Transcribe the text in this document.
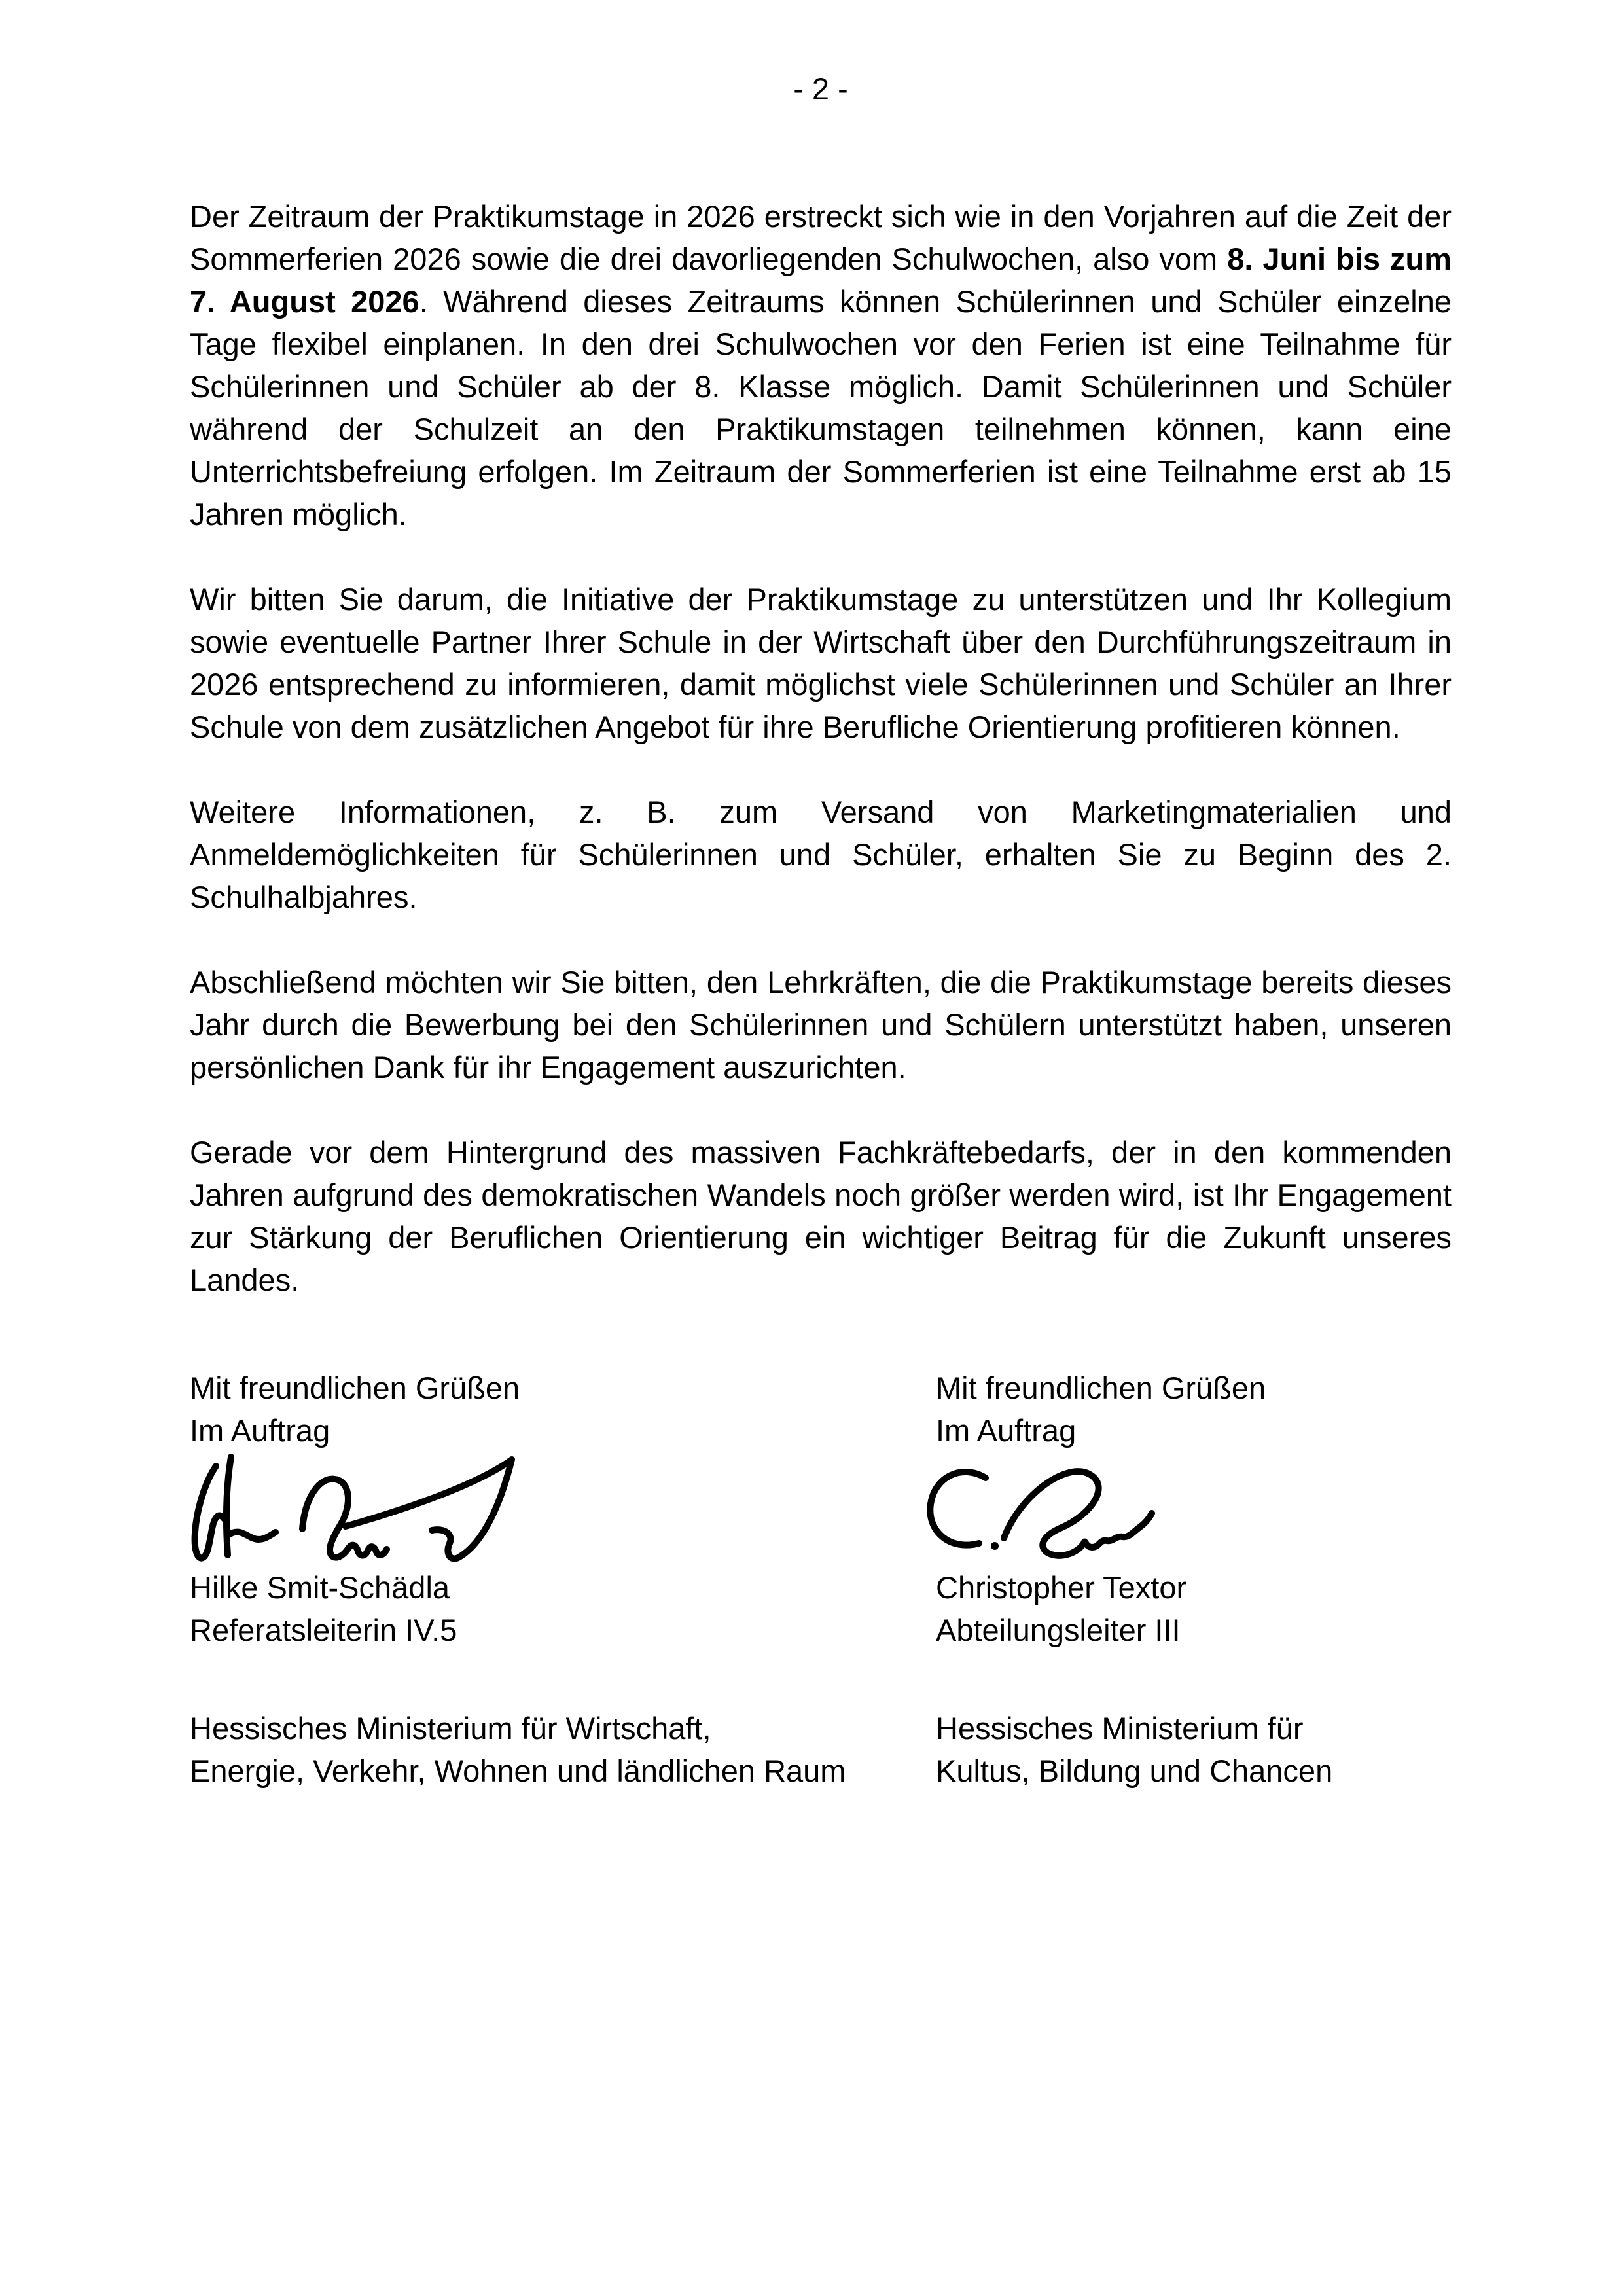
- 2 -

Der Zeitraum der Praktikumstage in 2026 erstreckt sich wie in den Vorjahren auf die Zeit der Sommerferien 2026 sowie die drei davorliegenden Schulwochen, also vom 8. Juni bis zum 7. August 2026. Während dieses Zeitraums können Schülerinnen und Schüler einzelne Tage flexibel einplanen. In den drei Schulwochen vor den Ferien ist eine Teilnahme für Schülerinnen und Schüler ab der 8. Klasse möglich. Damit Schülerinnen und Schüler während der Schulzeit an den Praktikumstagen teilnehmen können, kann eine Unterrichtsbefreiung erfolgen. Im Zeitraum der Sommerferien ist eine Teilnahme erst ab 15 Jahren möglich.

Wir bitten Sie darum, die Initiative der Praktikumstage zu unterstützen und Ihr Kollegium sowie eventuelle Partner Ihrer Schule in der Wirtschaft über den Durchführungszeitraum in 2026 entsprechend zu informieren, damit möglichst viele Schülerinnen und Schüler an Ihrer Schule von dem zusätzlichen Angebot für ihre Berufliche Orientierung profitieren können.

Weitere Informationen, z. B. zum Versand von Marketingmaterialien und Anmeldemöglichkeiten für Schülerinnen und Schüler, erhalten Sie zu Beginn des 2. Schulhalbjahres.

Abschließend möchten wir Sie bitten, den Lehrkräften, die die Praktikumstage bereits dieses Jahr durch die Bewerbung bei den Schülerinnen und Schülern unterstützt haben, unseren persönlichen Dank für ihr Engagement auszurichten.

Gerade vor dem Hintergrund des massiven Fachkräftebedarfs, der in den kommenden Jahren aufgrund des demokratischen Wandels noch größer werden wird, ist Ihr Engagement zur Stärkung der Beruflichen Orientierung ein wichtiger Beitrag für die Zukunft unseres Landes.

Mit freundlichen Grüßen
Im Auftrag
Hilke Smit-Schädla
Referatsleiterin IV.5
Hessisches Ministerium für Wirtschaft,
Energie, Verkehr, Wohnen und ländlichen Raum
Mit freundlichen Grüßen
Im Auftrag
Christopher Textor
Abteilungsleiter III
Hessisches Ministerium für
Kultus, Bildung und Chancen
